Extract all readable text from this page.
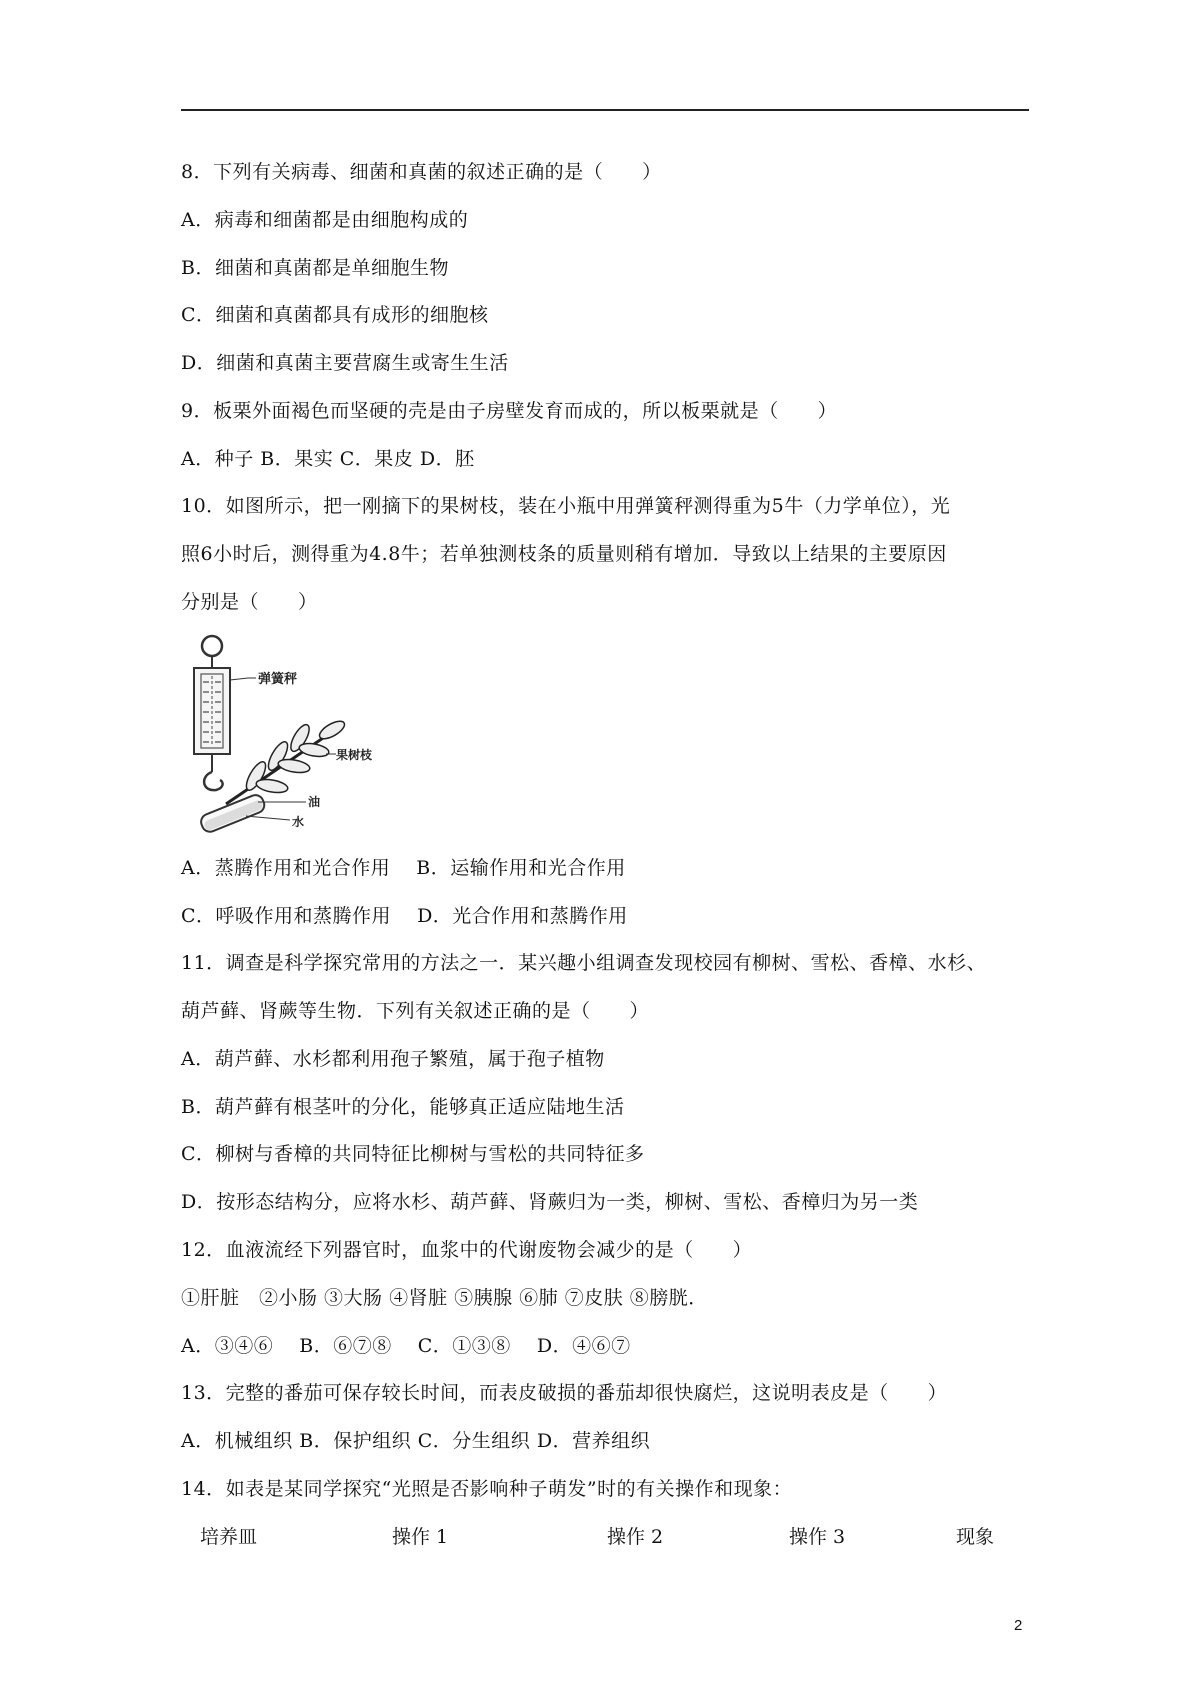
8．下列有关病毒、细菌和真菌的叙述正确的是（　　）
A．病毒和细菌都是由细胞构成的
B．细菌和真菌都是单细胞生物
C．细菌和真菌都具有成形的细胞核
D．细菌和真菌主要营腐生或寄生生活
9．板栗外面褐色而坚硬的壳是由子房壁发育而成的，所以板栗就是（　　）
A．种子 B．果实 C．果皮 D．胚
10．如图所示，把一刚摘下的果树枝，装在小瓶中用弹簧秤测得重为5牛（力学单位），光
照6小时后，测得重为4.8牛；若单独测枝条的质量则稍有增加．导致以上结果的主要原因
分别是（　　）
弹簧秤
果树枝
油
水
A．蒸腾作用和光合作用　 B．运输作用和光合作用
C．呼吸作用和蒸腾作用　 D．光合作用和蒸腾作用
11．调查是科学探究常用的方法之一．某兴趣小组调查发现校园有柳树、雪松、香樟、水杉、
葫芦藓、肾蕨等生物．下列有关叙述正确的是（　　）
A．葫芦藓、水杉都利用孢子繁殖，属于孢子植物
B．葫芦藓有根茎叶的分化，能够真正适应陆地生活
C．柳树与香樟的共同特征比柳树与雪松的共同特征多
D．按形态结构分，应将水杉、葫芦藓、肾蕨归为一类，柳树、雪松、香樟归为另一类
12．血液流经下列器官时，血浆中的代谢废物会减少的是（　　）
①肝脏　②小肠 ③大肠 ④肾脏 ⑤胰腺 ⑥肺 ⑦皮肤 ⑧膀胱．
A．③④⑥　 B．⑥⑦⑧　 C．①③⑧　 D．④⑥⑦
13．完整的番茄可保存较长时间，而表皮破损的番茄却很快腐烂，这说明表皮是（　　）
A．机械组织 B．保护组织 C．分生组织 D．营养组织
14．如表是某同学探究“光照是否影响种子萌发”时的有关操作和现象：
培养皿	操作 1	操作 2	操作 3	现象
2
